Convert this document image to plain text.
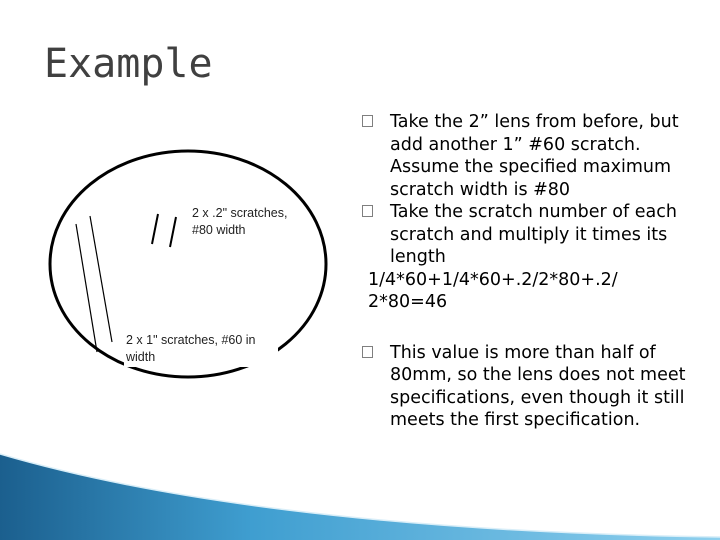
Example
2 x .2" scratches, #80 width
2 x 1" scratches, #60 in width

Take the 2” lens from before, but add another 1” #60 scratch. Assume the specified maximum scratch width is #80

Take the scratch number of each scratch and multiply it times its length

1/4*60+1/4*60+.2/2*80+.2/ 2*80=46

This value is more than half of 80mm, so the lens does not meet specifications, even though it still meets the first specification.
